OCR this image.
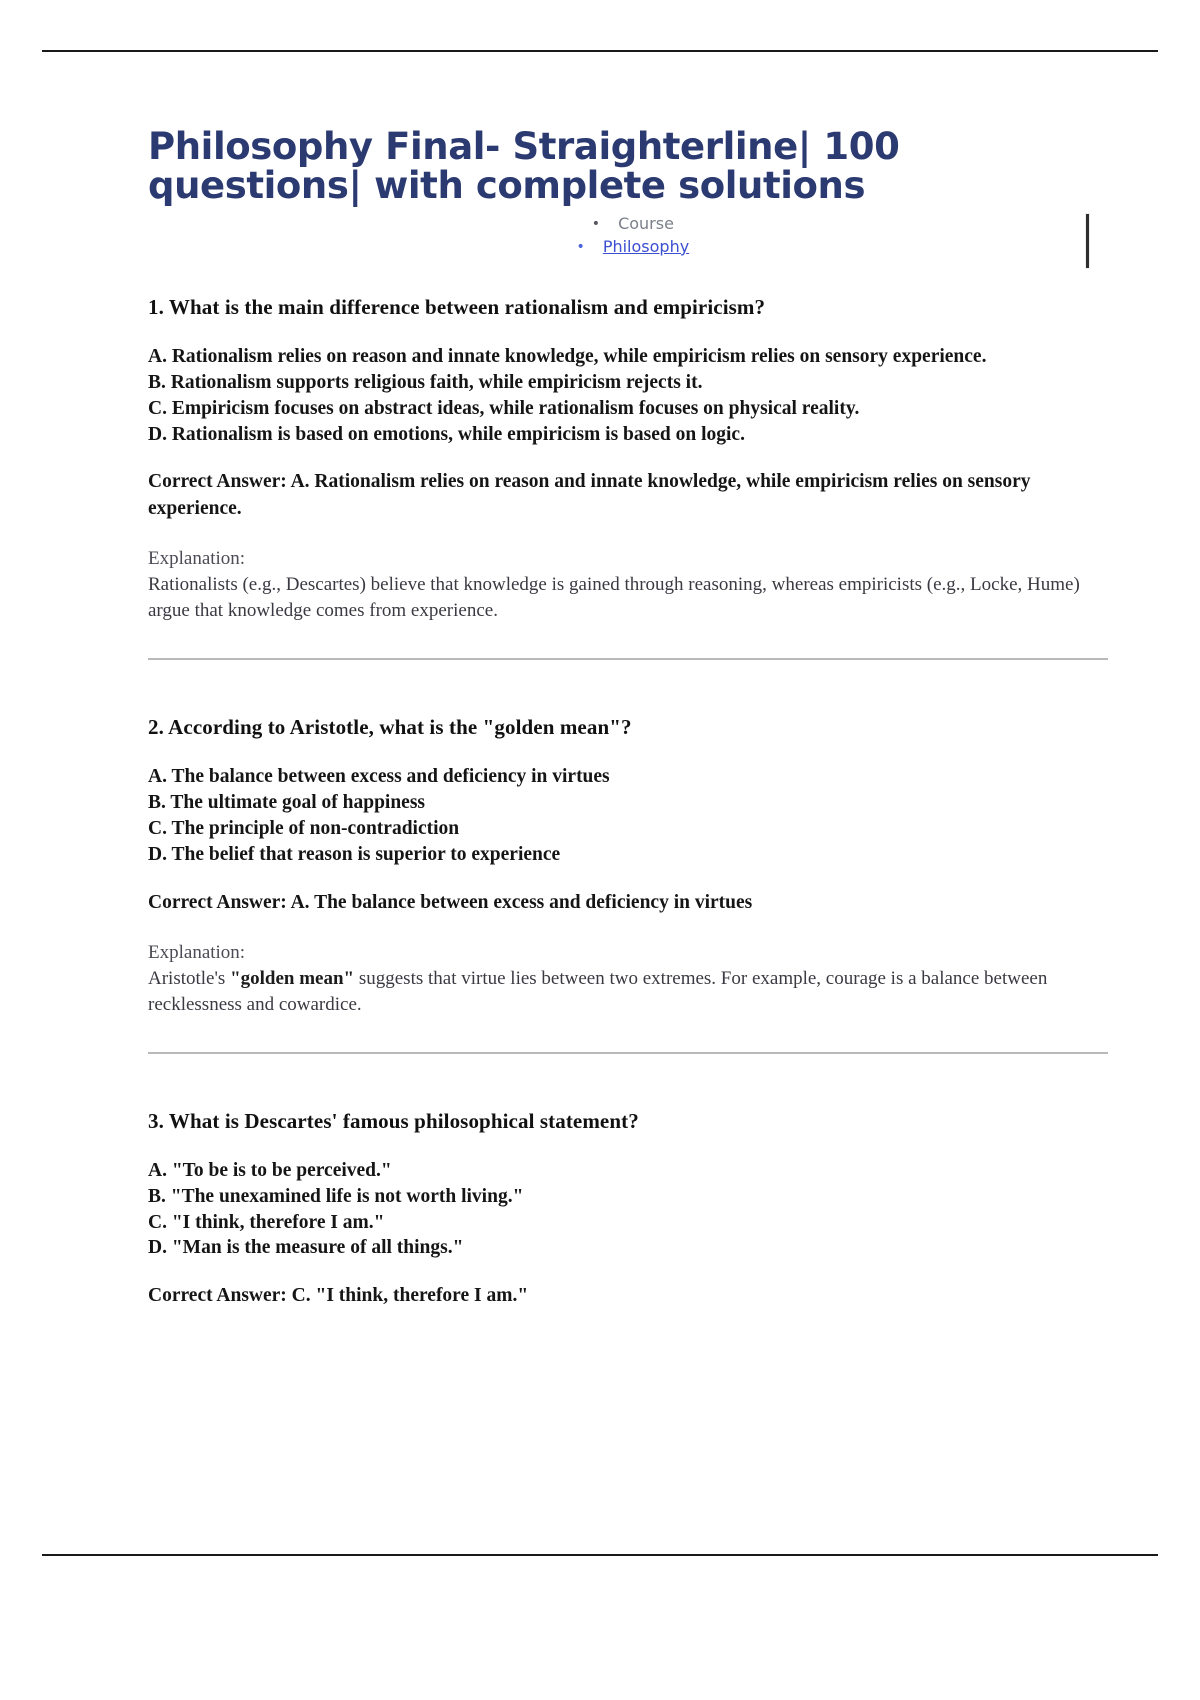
Philosophy Final- Straighterline| 100 questions| with complete solutions
• Course
• Philosophy

1. What is the main difference between rationalism and empiricism?

A. Rationalism relies on reason and innate knowledge, while empiricism relies on sensory experience.

B. Rationalism supports religious faith, while empiricism rejects it.

C. Empiricism focuses on abstract ideas, while rationalism focuses on physical reality.

D. Rationalism is based on emotions, while empiricism is based on logic.

Correct Answer: A. Rationalism relies on reason and innate knowledge, while empiricism relies on sensory experience.

Explanation:

Rationalists (e.g., Descartes) believe that knowledge is gained through reasoning, whereas empiricists (e.g., Locke, Hume) argue that knowledge comes from experience.

2. According to Aristotle, what is the "golden mean"?

A. The balance between excess and deficiency in virtues

B. The ultimate goal of happiness

C. The principle of non-contradiction

D. The belief that reason is superior to experience

Correct Answer: A. The balance between excess and deficiency in virtues

Explanation:

Aristotle's "golden mean" suggests that virtue lies between two extremes. For example, courage is a balance between recklessness and cowardice.

3. What is Descartes' famous philosophical statement?

A. "To be is to be perceived."

B. "The unexamined life is not worth living."

C. "I think, therefore I am."

D. "Man is the measure of all things."

Correct Answer: C. "I think, therefore I am."
